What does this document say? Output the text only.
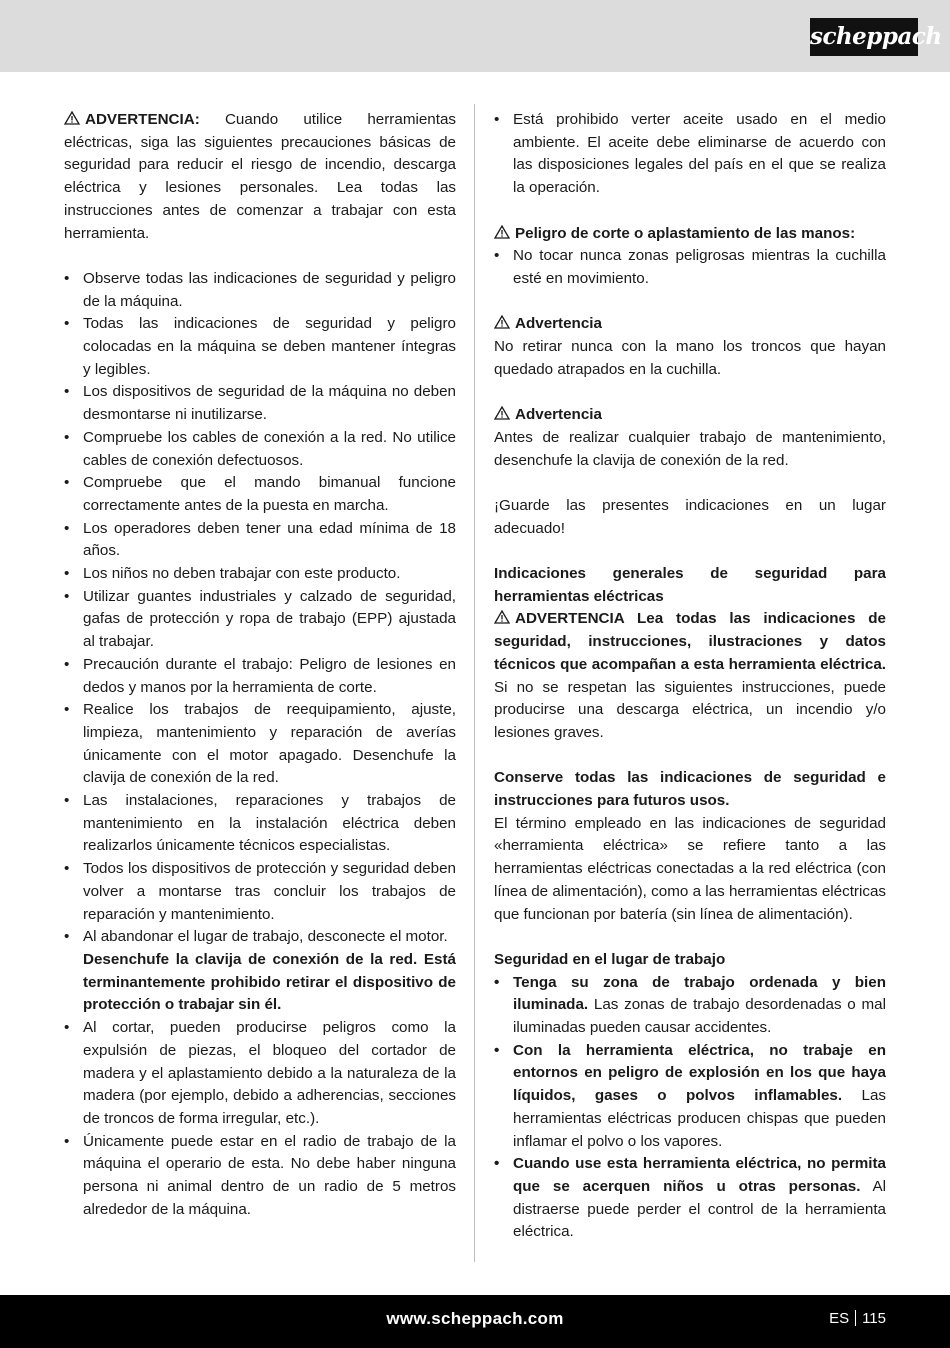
scheppach

ADVERTENCIA: Cuando utilice herramientas eléctricas, siga las siguientes precauciones básicas de seguridad para reducir el riesgo de incendio, descarga eléctrica y lesiones personales. Lea todas las instrucciones antes de comenzar a trabajar con esta herramienta.

• Observe todas las indicaciones de seguridad y peligro de la máquina.
• Todas las indicaciones de seguridad y peligro colocadas en la máquina se deben mantener íntegras y legibles.
• Los dispositivos de seguridad de la máquina no deben desmontarse ni inutilizarse.
• Compruebe los cables de conexión a la red. No utilice cables de conexión defectuosos.
• Compruebe que el mando bimanual funcione correctamente antes de la puesta en marcha.
• Los operadores deben tener una edad mínima de 18 años.
• Los niños no deben trabajar con este producto.
• Utilizar guantes industriales y calzado de seguridad, gafas de protección y ropa de trabajo (EPP) ajustada al trabajar.
• Precaución durante el trabajo: Peligro de lesiones en dedos y manos por la herramienta de corte.
• Realice los trabajos de reequipamiento, ajuste, limpieza, mantenimiento y reparación de averías únicamente con el motor apagado. Desenchufe la clavija de conexión de la red.
• Las instalaciones, reparaciones y trabajos de mantenimiento en la instalación eléctrica deben realizarlos únicamente técnicos especialistas.
• Todos los dispositivos de protección y seguridad deben volver a montarse tras concluir los trabajos de reparación y mantenimiento.
• Al abandonar el lugar de trabajo, desconecte el motor.
Desenchufe la clavija de conexión de la red. Está terminantemente prohibido retirar el dispositivo de protección o trabajar sin él.
• Al cortar, pueden producirse peligros como la expulsión de piezas, el bloqueo del cortador de madera y el aplastamiento debido a la naturaleza de la madera (por ejemplo, debido a adherencias, secciones de troncos de forma irregular, etc.).
• Únicamente puede estar en el radio de trabajo de la máquina el operario de esta. No debe haber ninguna persona ni animal dentro de un radio de 5 metros alrededor de la máquina.
• Está prohibido verter aceite usado en el medio ambiente. El aceite debe eliminarse de acuerdo con las disposiciones legales del país en el que se realiza la operación.

Peligro de corte o aplastamiento de las manos:

• No tocar nunca zonas peligrosas mientras la cuchilla esté en movimiento.

Advertencia

No retirar nunca con la mano los troncos que hayan quedado atrapados en la cuchilla.

Advertencia

Antes de realizar cualquier trabajo de mantenimiento, desenchufe la clavija de conexión de la red.

¡Guarde las presentes indicaciones en un lugar adecuado!

Indicaciones generales de seguridad para herramientas eléctricas

ADVERTENCIA Lea todas las indicaciones de seguridad, instrucciones, ilustraciones y datos técnicos que acompañan a esta herramienta eléctrica. Si no se respetan las siguientes instrucciones, puede producirse una descarga eléctrica, un incendio y/o lesiones graves.

Conserve todas las indicaciones de seguridad e instrucciones para futuros usos.

El término empleado en las indicaciones de seguridad «herramienta eléctrica» se refiere tanto a las herramientas eléctricas conectadas a la red eléctrica (con línea de alimentación), como a las herramientas eléctricas que funcionan por batería (sin línea de alimentación).

Seguridad en el lugar de trabajo

• Tenga su zona de trabajo ordenada y bien iluminada. Las zonas de trabajo desordenadas o mal iluminadas pueden causar accidentes.
• Con la herramienta eléctrica, no trabaje en entornos en peligro de explosión en los que haya líquidos, gases o polvos inflamables. Las herramientas eléctricas producen chispas que pueden inflamar el polvo o los vapores.
• Cuando use esta herramienta eléctrica, no permita que se acerquen niños u otras personas. Al distraerse puede perder el control de la herramienta eléctrica.
www.scheppach.com	ES 115
